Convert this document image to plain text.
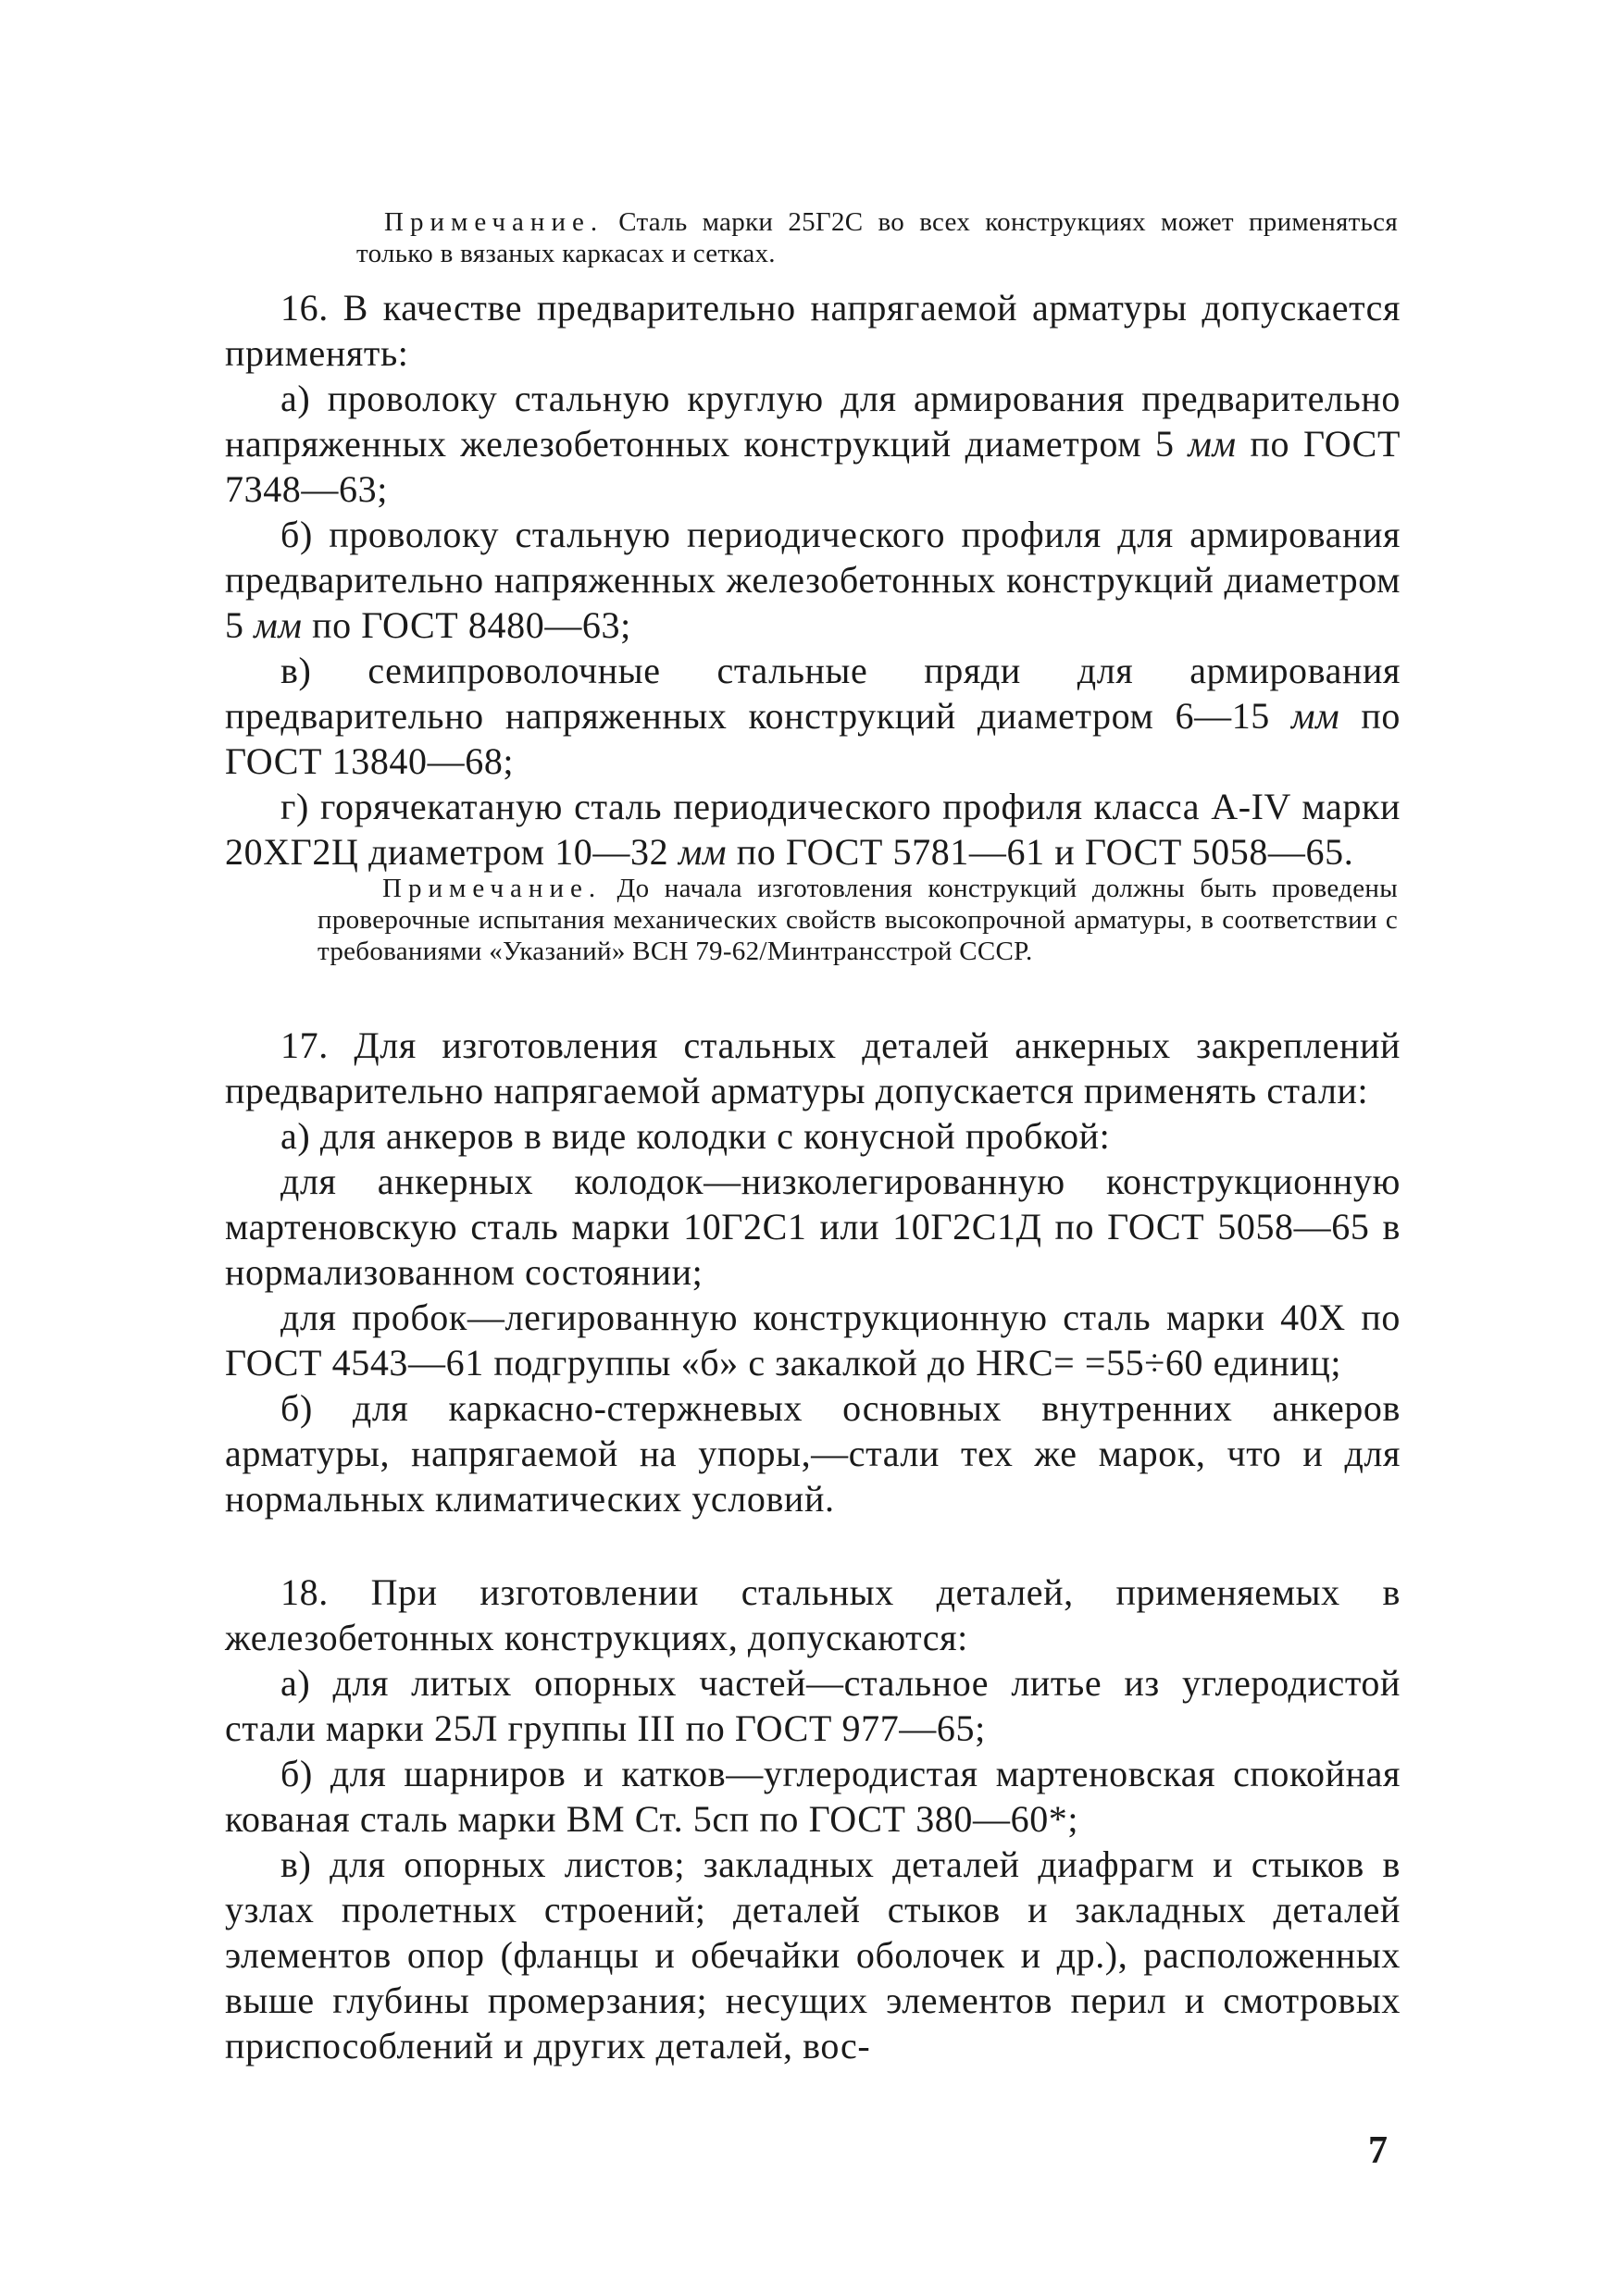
Примечание. Сталь марки 25Г2С во всех конструкциях может применяться только в вязаных каркасах и сетках.

16. В качестве предварительно напрягаемой арматуры допускается применять:

а) проволоку стальную круглую для армирования предварительно напряженных железобетонных конструкций диаметром 5 мм по ГОСТ 7348—63;

б) проволоку стальную периодического профиля для армирования предварительно напряженных железобетонных конструкций диаметром 5 мм по ГОСТ 8480—63;

в) семипроволочные стальные пряди для армирования предварительно напряженных конструкций диаметром 6—15 мм по ГОСТ 13840—68;

г) горячекатаную сталь периодического профиля класса A-IV марки 20ХГ2Ц диаметром 10—32 мм по ГОСТ 5781—61 и ГОСТ 5058—65.

Примечание. До начала изготовления конструкций должны быть проведены проверочные испытания механических свойств высокопрочной арматуры, в соответствии с требованиями «Указаний» ВСН 79-62/Минтрансстрой СССР.

17. Для изготовления стальных деталей анкерных закреплений предварительно напрягаемой арматуры допускается применять стали:

а) для анкеров в виде колодки с конусной пробкой:

для анкерных колодок—низколегированную конструкционную мартеновскую сталь марки 10Г2С1 или 10Г2С1Д по ГОСТ 5058—65 в нормализованном состоянии;

для пробок—легированную конструкционную сталь марки 40Х по ГОСТ 4543—61 подгруппы «б» с закалкой до HRC= =55÷60 единиц;

б) для каркасно-стержневых основных внутренних анкеров арматуры, напрягаемой на упоры,—стали тех же марок, что и для нормальных климатических условий.

18. При изготовлении стальных деталей, применяемых в железобетонных конструкциях, допускаются:

а) для литых опорных частей—стальное литье из углеродистой стали марки 25Л группы III по ГОСТ 977—65;

б) для шарниров и катков—углеродистая мартеновская спокойная кованая сталь марки ВМ Ст. 5сп по ГОСТ 380—60*;

в) для опорных листов; закладных деталей диафрагм и стыков в узлах пролетных строений; деталей стыков и закладных деталей элементов опор (фланцы и обечайки оболочек и др.), расположенных выше глубины промерзания; несущих элементов перил и смотровых приспособлений и других деталей, вос-

7
